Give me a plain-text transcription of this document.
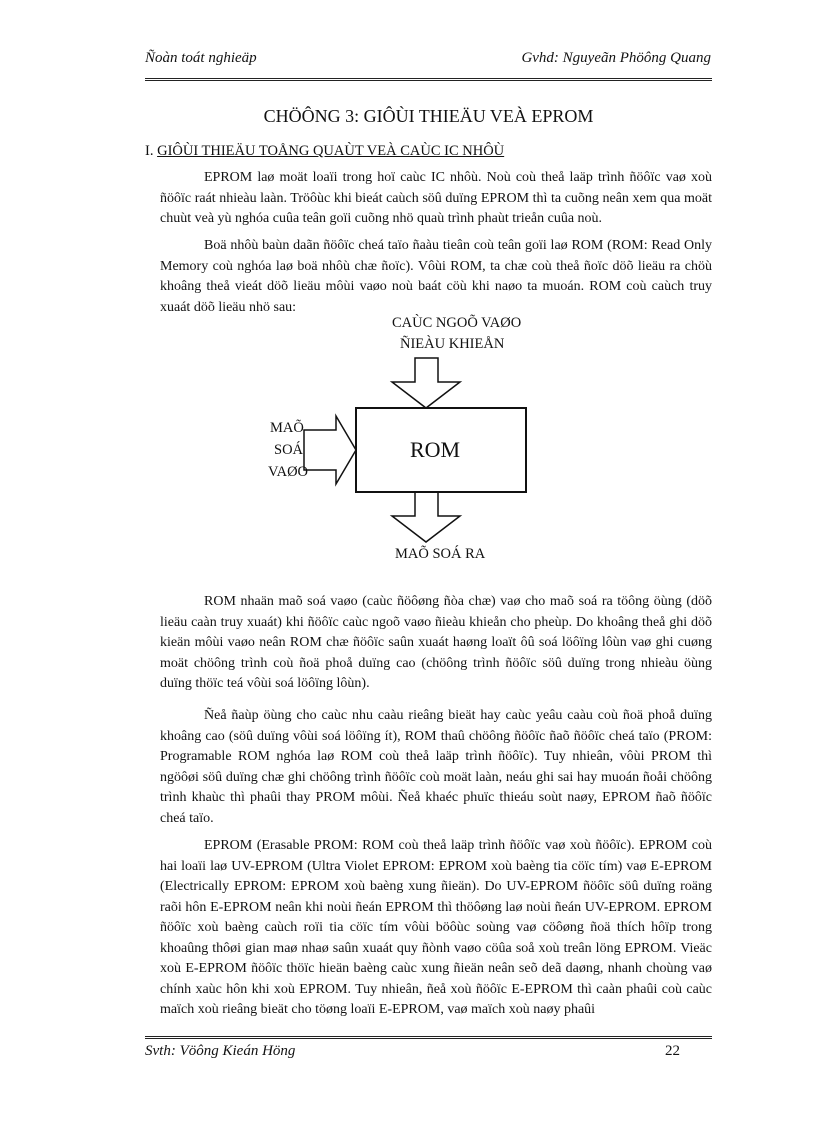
Ñoàn toát nghieäp	Gvhd: Nguyeãn Phöông Quang
CHÖÔNG 3: GIÔÙI THIEÄU VEÀ EPROM
I. GIÔÙI THIEÄU TOÅNG QUAÙT VEÀ CAÙC IC NHÔÙ

EPROM laø moät loaïi trong hoï caùc IC nhôù. Noù coù theå laäp trình ñöôïc vaø xoù ñöôïc raát nhieàu laàn. Tröôùc khi bieát caùch söû duïng EPROM thì ta cuõng neân xem qua moät chuùt veà yù nghóa cuûa teân goïi cuõng nhö quaù trình phaùt trieån cuûa noù.

Boä nhôù baùn daãn ñöôïc cheá taïo ñaàu tieân coù teân goïi laø ROM (ROM: Read Only Memory coù nghóa laø boä nhôù chæ ñoïc). Vôùi ROM, ta chæ coù theå ñoïc döõ lieäu ra chöù khoâng theå vieát döõ lieäu môùi vaøo noù baát cöù khi naøo ta muoán. ROM coù caùch truy xuaát döõ lieäu nhö sau:

CAÙC NGOÕ VAØO
ÑIEÀU KHIEÅN
MAÕ
SOÁ
VAØO
ROM
MAÕ SOÁ RA

ROM nhaän maõ soá vaøo (caùc ñöôøng ñòa chæ) vaø cho maõ soá ra töông öùng (döõ lieäu caàn truy xuaát) khi ñöôïc caùc ngoõ vaøo ñieàu khieån cho pheùp. Do khoâng theå ghi döõ kieän môùi vaøo neân ROM chæ ñöôïc saûn xuaát haøng loaït ôû soá löôïng lôùn vaø ghi cuøng moät chöông trình coù ñoä phoå duïng cao (chöông trình ñöôïc söû duïng trong nhieàu öùng duïng thöïc teá vôùi soá löôïng lôùn).

Ñeå ñaùp öùng cho caùc nhu caàu rieâng bieät hay caùc yeâu caàu coù ñoä phoå duïng khoâng cao (söû duïng vôùi soá löôïng ít), ROM thaû chöông ñöôïc ñaõ ñöôïc cheá taïo (PROM: Programable ROM nghóa laø ROM coù theå laäp trình ñöôïc). Tuy nhieân, vôùi PROM thì ngöôøi söû duïng chæ ghi chöông trình ñöôïc coù moät laàn, neáu ghi sai hay muoán ñoåi chöông trình khaùc thì phaûi thay PROM môùi. Ñeå khaéc phuïc thieáu soùt naøy, EPROM ñaõ ñöôïc cheá taïo.

EPROM (Erasable PROM: ROM coù theå laäp trình ñöôïc vaø xoù ñöôïc). EPROM coù hai loaïi laø UV-EPROM (Ultra Violet EPROM: EPROM xoù baèng tia cöïc tím) vaø E-EPROM (Electrically EPROM: EPROM xoù baèng xung ñieän). Do UV-EPROM ñöôïc söû duïng roäng raõi hôn E-EPROM neân khi noùi ñeán EPROM thì thöôøng laø noùi ñeán UV-EPROM. EPROM ñöôïc xoù baèng caùch roïi tia cöïc tím vôùi böôùc soùng vaø cöôøng ñoä thích hôïp trong khoaûng thôøi gian maø nhaø saûn xuaát quy ñònh vaøo cöûa soå xoù treân löng EPROM. Vieäc xoù E-EPROM ñöôïc thöïc hieän baèng caùc xung ñieän neân seõ deã daøng, nhanh choùng vaø chính xaùc hôn khi xoù EPROM. Tuy nhieân, ñeå xoù ñöôïc E-EPROM thì caàn phaûi coù caùc maïch xoù rieâng bieät cho töøng loaïi E-EPROM, vaø maïch xoù naøy phaûi

Svth: Vöông Kieán Höng	22
